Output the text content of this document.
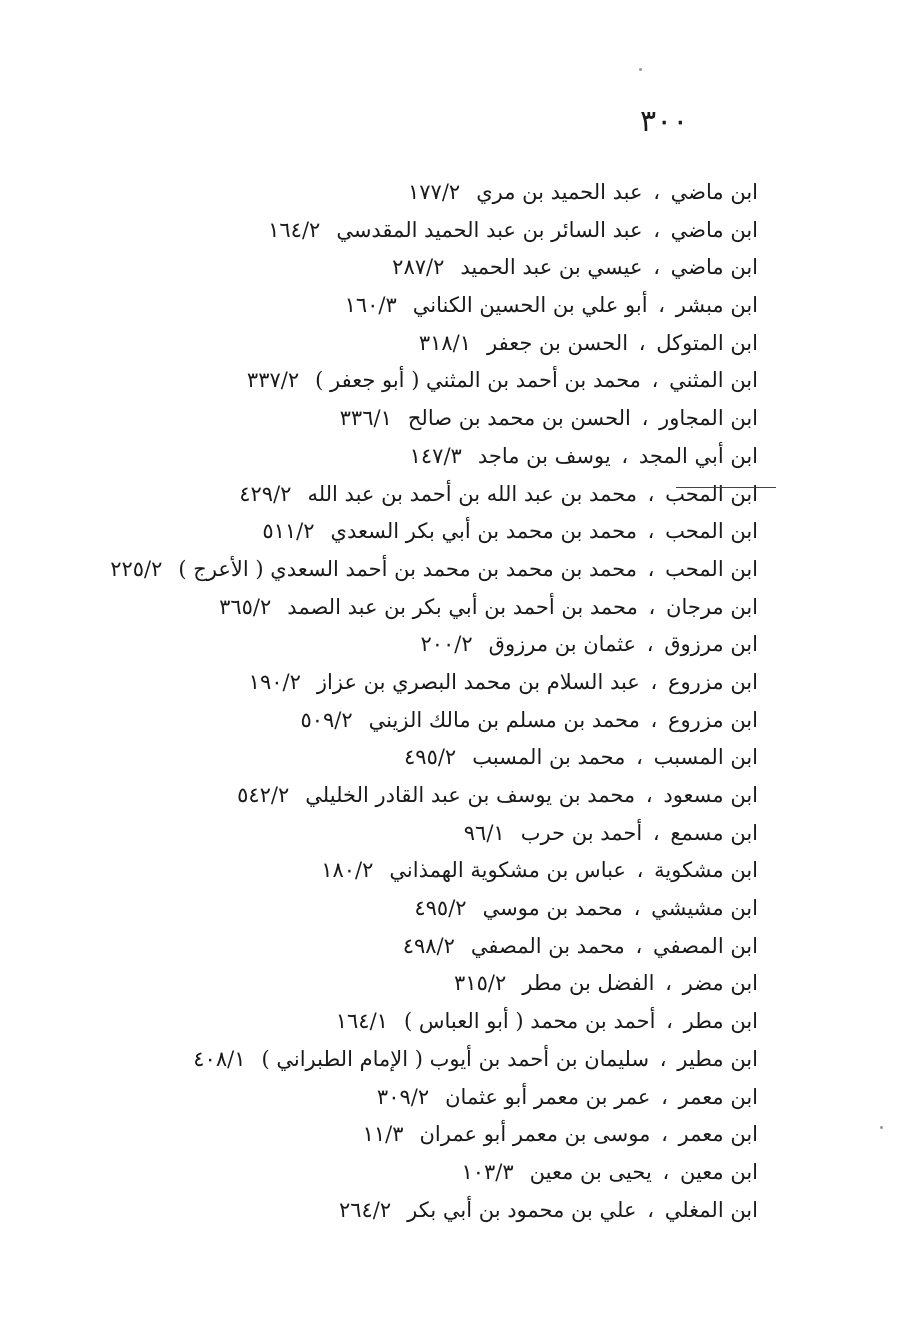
٣٠٠
ابن ماضي ، عبد الحميد بن مري١٧٧/٢
ابن ماضي ، عبد السائر بن عبد الحميد المقدسي١٦٤/٢
ابن ماضي ، عيسي بن عبد الحميد٢٨٧/٢
ابن مبشر ، أبو علي بن الحسين الكناني١٦٠/٣
ابن المتوكل ، الحسن بن جعفر٣١٨/١
ابن المثني ، محمد بن أحمد بن المثني ( أبو جعفر )٣٣٧/٢
ابن المجاور ، الحسن بن محمد بن صالح٣٣٦/١
ابن أبي المجد ، يوسف بن ماجد١٤٧/٣
ابن المحب ، محمد بن عبد الله بن أحمد بن عبد الله٤٢٩/٢
ابن المحب ، محمد بن محمد بن أبي بكر السعدي٥١١/٢
ابن المحب ، محمد بن محمد بن محمد بن أحمد السعدي ( الأعرج )٢٢٥/٢
ابن مرجان ، محمد بن أحمد بن أبي بكر بن عبد الصمد٣٦٥/٢
ابن مرزوق ، عثمان بن مرزوق٢٠٠/٢
ابن مزروع ، عبد السلام بن محمد البصري بن عزاز١٩٠/٢
ابن مزروع ، محمد بن مسلم بن مالك الزيني٥٠٩/٢
ابن المسبب ، محمد بن المسبب٤٩٥/٢
ابن مسعود ، محمد بن يوسف بن عبد القادر الخليلي٥٤٢/٢
ابن مسمع ، أحمد بن حرب٩٦/١
ابن مشكوية ، عباس بن مشكوية الهمذاني١٨٠/٢
ابن مشيشي ، محمد بن موسي٤٩٥/٢
ابن المصفي ، محمد بن المصفي٤٩٨/٢
ابن مضر ، الفضل بن مطر٣١٥/٢
ابن مطر ، أحمد بن محمد ( أبو العباس )١٦٤/١
ابن مطير ، سليمان بن أحمد بن أيوب ( الإمام الطبراني )٤٠٨/١
ابن معمر ، عمر بن معمر أبو عثمان٣٠٩/٢
ابن معمر ، موسى بن معمر أبو عمران١١/٣
ابن معين ، يحيى بن معين١٠٣/٣
ابن المغلي ، علي بن محمود بن أبي بكر٢٦٤/٢
